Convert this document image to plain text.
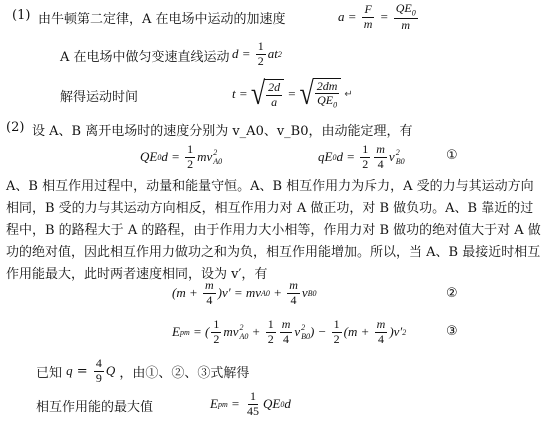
(1) 由牛顿第二定律，A 在电场中运动的加速度	$a = \frac{F}{m} = \frac{QE_0}{m}$
A 在电场中做匀变速直线运动 $d = \frac{1}{2}$ at 2
解得运动时间	t = √ $\frac{2d}{a}$ = √ $\frac{2dm}{QE_0}$ ↵
(2) 设 A、B 离开电场时的速度分别为 v_A0、v_B0，由动能定理，有
QE 0 $d = \frac{1}{2}$ mv 2
A0	qE 0 $d = \frac{1}{2} \frac{m}{4}$ v 2
B0	①
A、B 相互作用过程中，动量和能量守恒。A、B 相互作用力为斥力，A 受的力与其运动方向相同，B 受的力与其运动方向相反，相互作用力对 A 做正功，对 B 做负功。A、B 靠近的过程中，B 的路程大于 A 的路程，由于作用力大小相等，作用力对 B 做功的绝对值大于对 A 做功的绝对值，因此相互作用力做功之和为负，相互作用能增加。所以，当 A、B 最接近时相互作用能最大，此时两者速度相同，设为 v′，有
$(m + \frac{m}{4} )v'$ = mv $A0 + \frac{m}{4}$ v B0	②
E pm = ( $\frac{1}{2}$ mv 2
$A0 + \frac{1}{2} \frac{m}{4}$ v 2
B0 ) − $\frac{1}{2} (m + \frac{m}{4} )v'$ 2	③
已知 $q = \frac{4}{9}$ Q ，由①、②、③式解得
相互作用能的最大值	E pm = $\frac{1}{45}$ QE 0 d
